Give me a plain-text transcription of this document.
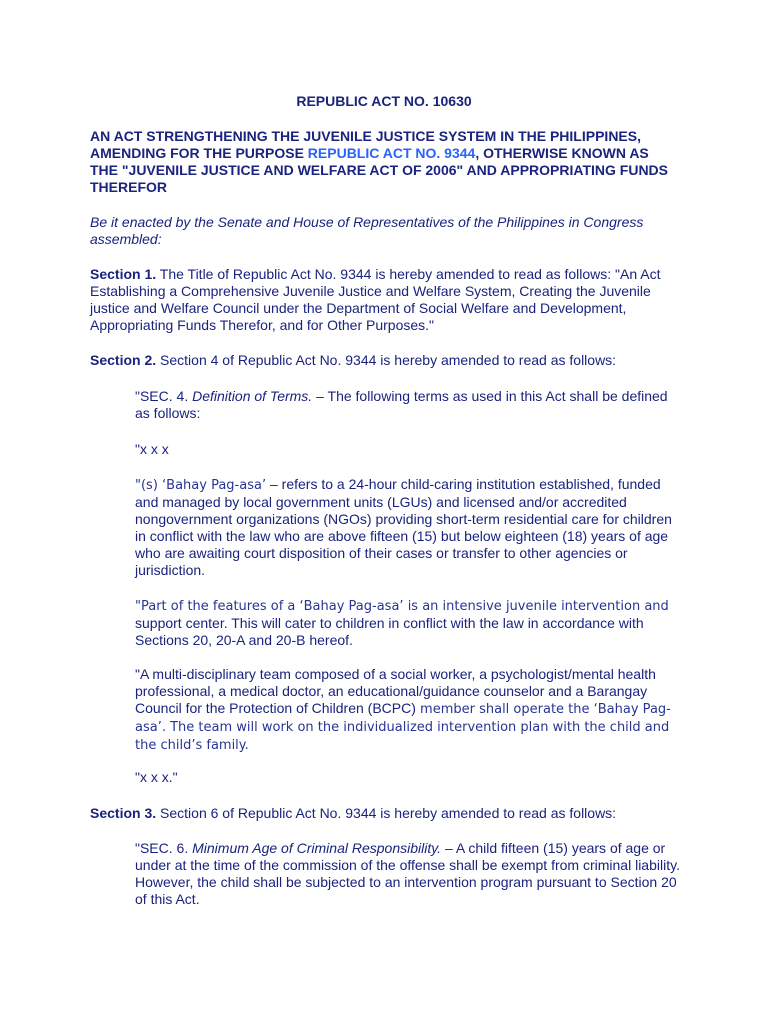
REPUBLIC ACT NO. 10630

AN ACT STRENGTHENING THE JUVENILE JUSTICE SYSTEM IN THE PHILIPPINES, AMENDING FOR THE PURPOSE REPUBLIC ACT NO. 9344, OTHERWISE KNOWN AS THE "JUVENILE JUSTICE AND WELFARE ACT OF 2006" AND APPROPRIATING FUNDS THEREFOR

Be it enacted by the Senate and House of Representatives of the Philippines in Congress assembled:

Section 1. The Title of Republic Act No. 9344 is hereby amended to read as follows: "An Act Establishing a Comprehensive Juvenile Justice and Welfare System, Creating the Juvenile justice and Welfare Council under the Department of Social Welfare and Development, Appropriating Funds Therefor, and for Other Purposes."

Section 2. Section 4 of Republic Act No. 9344 is hereby amended to read as follows:

"SEC. 4. Definition of Terms. – The following terms as used in this Act shall be defined as follows:

"x x x

"(s) ‘Bahay Pag-asa’ – refers to a 24-hour child-caring institution established, funded and managed by local government units (LGUs) and licensed and/or accredited nongovernment organizations (NGOs) providing short-term residential care for children in conflict with the law who are above fifteen (15) but below eighteen (18) years of age who are awaiting court disposition of their cases or transfer to other agencies or jurisdiction.

"Part of the features of a ‘Bahay Pag-asa’ is an intensive juvenile intervention and support center. This will cater to children in conflict with the law in accordance with Sections 20, 20-A and 20-B hereof.

"A multi-disciplinary team composed of a social worker, a psychologist/mental health professional, a medical doctor, an educational/guidance counselor and a Barangay Council for the Protection of Children (BCPC) member shall operate the ‘Bahay Pag-asa’. The team will work on the individualized intervention plan with the child and the child’s family.

"x x x."

Section 3. Section 6 of Republic Act No. 9344 is hereby amended to read as follows:

"SEC. 6. Minimum Age of Criminal Responsibility. – A child fifteen (15) years of age or under at the time of the commission of the offense shall be exempt from criminal liability. However, the child shall be subjected to an intervention program pursuant to Section 20 of this Act.
